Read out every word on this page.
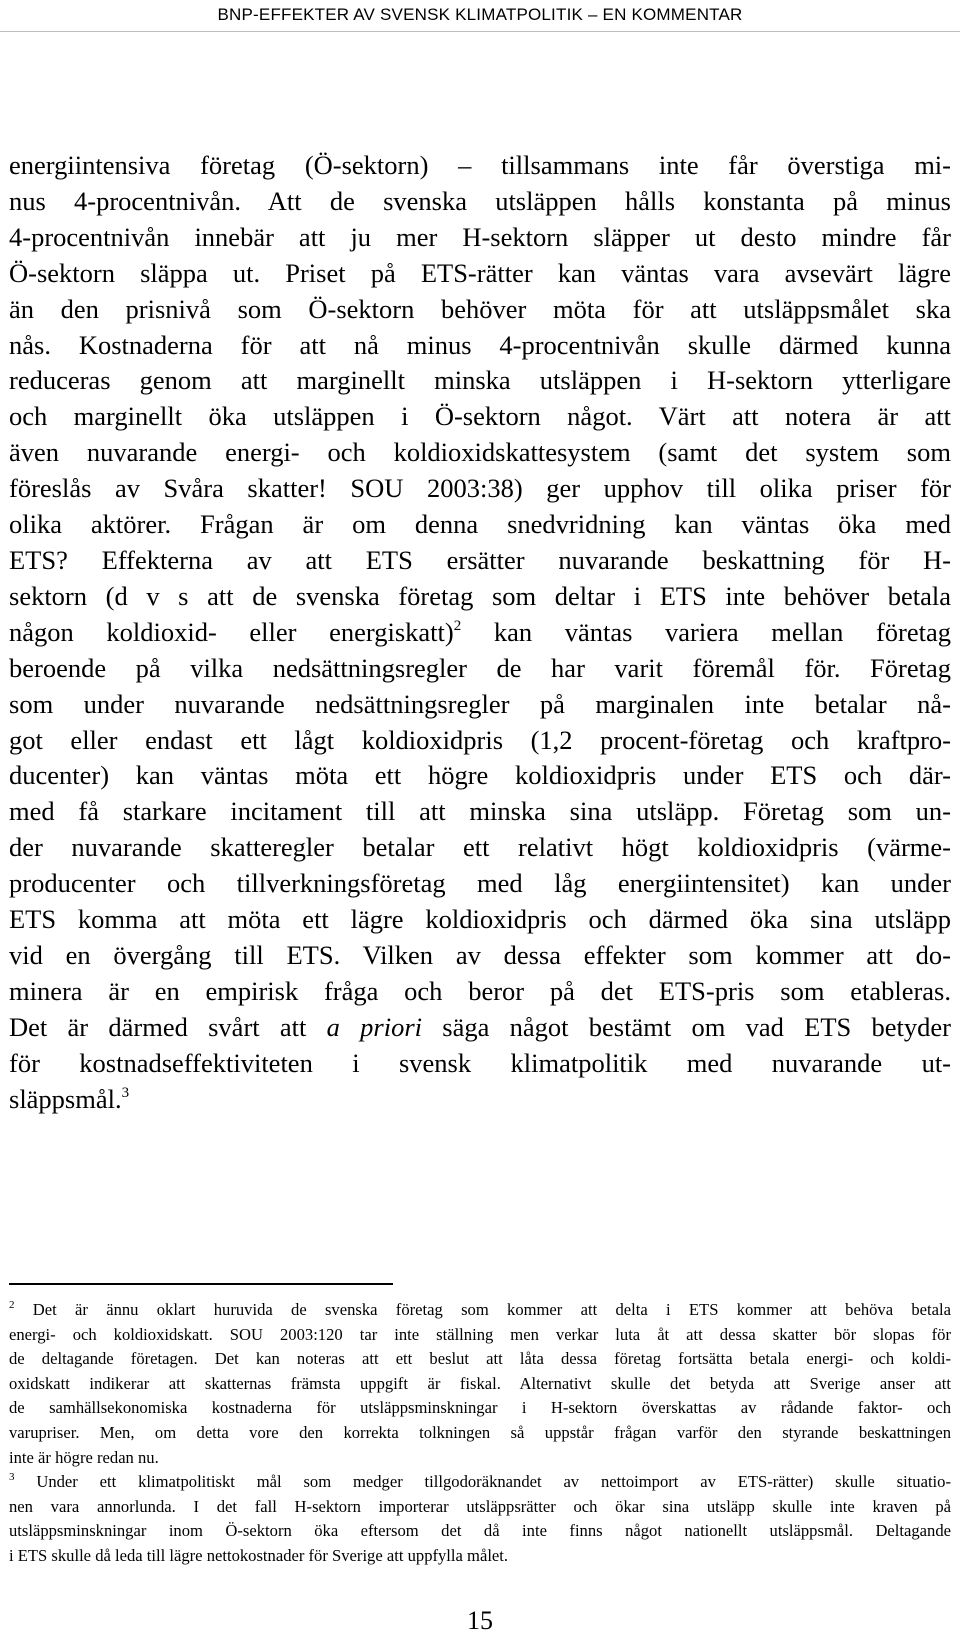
BNP-EFFEKTER AV SVENSK KLIMATPOLITIK – EN KOMMENTAR
energiintensiva företag (Ö-sektorn) – tillsammans inte får överstiga mi-
nus 4-procentnivån. Att de svenska utsläppen hålls konstanta på minus
4-procentnivån innebär att ju mer H-sektorn släpper ut desto mindre får
Ö-sektorn släppa ut. Priset på ETS-rätter kan väntas vara avsevärt lägre
än den prisnivå som Ö-sektorn behöver möta för att utsläppsmålet ska
nås. Kostnaderna för att nå minus 4-procentnivån skulle därmed kunna
reduceras genom att marginellt minska utsläppen i H-sektorn ytterligare
och marginellt öka utsläppen i Ö-sektorn något. Värt att notera är att
även nuvarande energi- och koldioxidskattesystem (samt det system som
föreslås av Svåra skatter! SOU 2003:38) ger upphov till olika priser för
olika aktörer. Frågan är om denna snedvridning kan väntas öka med
ETS? Effekterna av att ETS ersätter nuvarande beskattning för H-
sektorn (d v s att de svenska företag som deltar i ETS inte behöver betala
någon koldioxid- eller energiskatt)$^2$ kan väntas variera mellan företag
beroende på vilka nedsättningsregler de har varit föremål för. Företag
som under nuvarande nedsättningsregler på marginalen inte betalar nå-
got eller endast ett lågt koldioxidpris (1,2 procent-företag och kraftpro-
ducenter) kan väntas möta ett högre koldioxidpris under ETS och där-
med få starkare incitament till att minska sina utsläpp. Företag som un-
der nuvarande skatteregler betalar ett relativt högt koldioxidpris (värme-
producenter och tillverkningsföretag med låg energiintensitet) kan under
ETS komma att möta ett lägre koldioxidpris och därmed öka sina utsläpp
vid en övergång till ETS. Vilken av dessa effekter som kommer att do-
minera är en empirisk fråga och beror på det ETS-pris som etableras.
Det är därmed svårt att a priori säga något bestämt om vad ETS betyder
för kostnadseffektiviteten i svensk klimatpolitik med nuvarande ut-
släppsmål.$^3$
$^2$ Det är ännu oklart huruvida de svenska företag som kommer att delta i ETS kommer att behöva betala
energi- och koldioxidskatt. SOU 2003:120 tar inte ställning men verkar luta åt att dessa skatter bör slopas för
de deltagande företagen. Det kan noteras att ett beslut att låta dessa företag fortsätta betala energi- och koldi-
oxidskatt indikerar att skatternas främsta uppgift är fiskal. Alternativt skulle det betyda att Sverige anser att
de samhällsekonomiska kostnaderna för utsläppsminskningar i H-sektorn överskattas av rådande faktor- och
varupriser. Men, om detta vore den korrekta tolkningen så uppstår frågan varför den styrande beskattningen
inte är högre redan nu.
$^3$ Under ett klimatpolitiskt mål som medger tillgodoräknandet av nettoimport av ETS-rätter) skulle situatio-
nen vara annorlunda. I det fall H-sektorn importerar utsläppsrätter och ökar sina utsläpp skulle inte kraven på
utsläppsminskningar inom Ö-sektorn öka eftersom det då inte finns något nationellt utsläppsmål. Deltagande
i ETS skulle då leda till lägre nettokostnader för Sverige att uppfylla målet.
15
